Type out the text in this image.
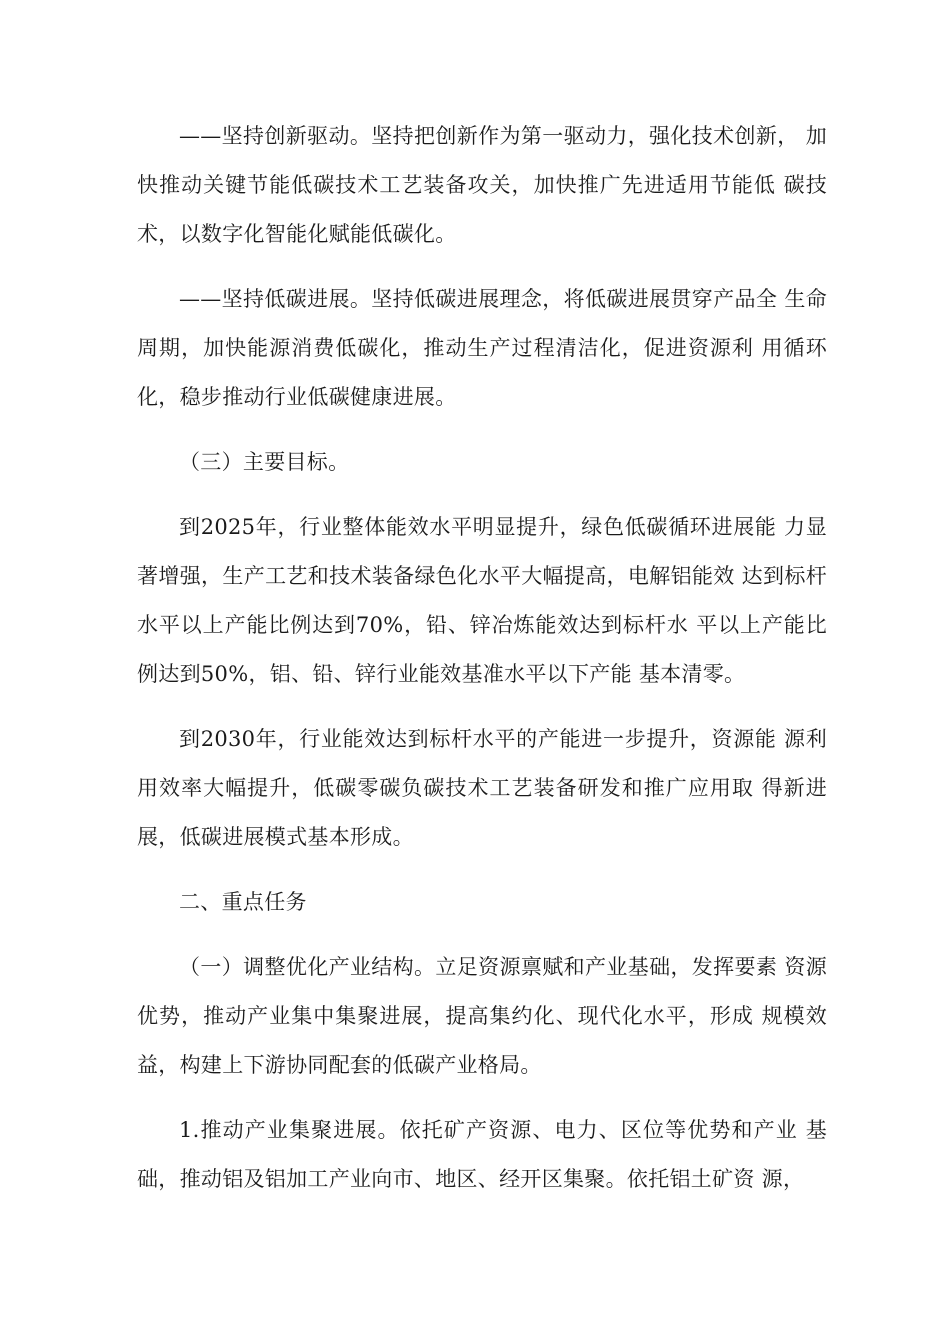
——坚持创新驱动。坚持把创新作为第一驱动力，强化技术创新， 加快推动关键节能低碳技术工艺装备攻关，加快推广先进适用节能低 碳技术，以数字化智能化赋能低碳化。

——坚持低碳进展。坚持低碳进展理念，将低碳进展贯穿产品全 生命周期，加快能源消费低碳化，推动生产过程清洁化，促进资源利 用循环化，稳步推动行业低碳健康进展。

（三）主要目标。

到2025年，行业整体能效水平明显提升，绿色低碳循环进展能 力显著增强，生产工艺和技术装备绿色化水平大幅提高，电解铝能效 达到标杆水平以上产能比例达到70%，铅、锌冶炼能效达到标杆水 平以上产能比例达到50%，铝、铅、锌行业能效基准水平以下产能 基本清零。

到2030年，行业能效达到标杆水平的产能进一步提升，资源能 源利用效率大幅提升，低碳零碳负碳技术工艺装备研发和推广应用取 得新进展，低碳进展模式基本形成。

二、重点任务

（一）调整优化产业结构。立足资源禀赋和产业基础，发挥要素 资源优势，推动产业集中集聚进展，提高集约化、现代化水平，形成 规模效益，构建上下游协同配套的低碳产业格局。

1.推动产业集聚进展。依托矿产资源、电力、区位等优势和产业 基础，推动铝及铝加工产业向市、地区、经开区集聚。依托铝土矿资 源，
